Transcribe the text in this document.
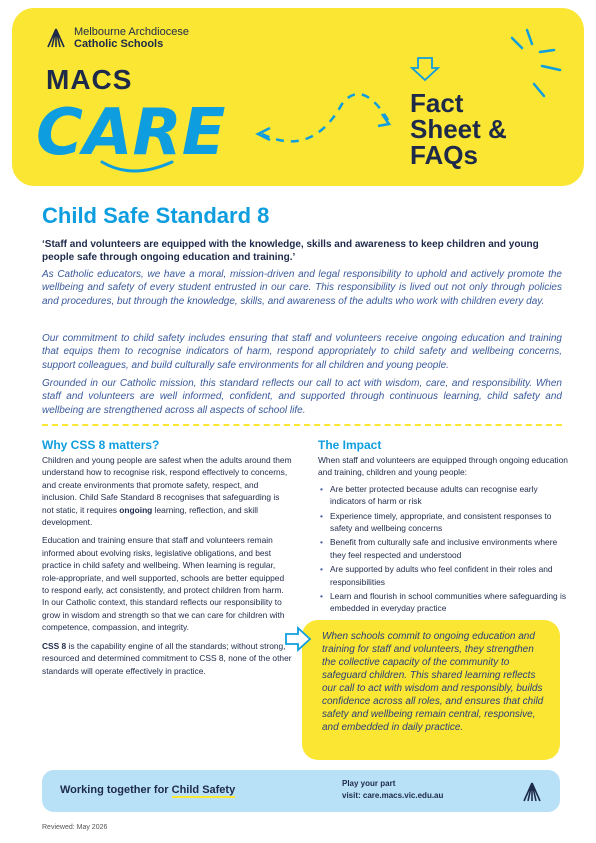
Melbourne Archdiocese
Catholic Schools
MACS
CARE	Fact
Sheet &
FAQs
Child Safe Standard 8
‘Staff and volunteers are equipped with the knowledge, skills and awareness to keep children and young people safe through ongoing education and training.’
As Catholic educators, we have a moral, mission-driven and legal responsibility to uphold and actively promote the wellbeing and safety of every student entrusted in our care. This responsibility is lived out not only through policies and procedures, but through the knowledge, skills, and awareness of the adults who work with children every day.
Our commitment to child safety includes ensuring that staff and volunteers receive ongoing education and training that equips them to recognise indicators of harm, respond appropriately to child safety and wellbeing concerns, support colleagues, and build culturally safe environments for all children and young people.
Grounded in our Catholic mission, this standard reflects our call to act with wisdom, care, and responsibility. When staff and volunteers are well informed, confident, and supported through continuous learning, child safety and wellbeing are strengthened across all aspects of school life.
Why CSS 8 matters?

Children and young people are safest when the adults around them understand how to recognise risk, respond effectively to concerns, and create environments that promote safety, respect, and inclusion. Child Safe Standard 8 recognises that safeguarding is not static, it requires ongoing learning, reflection, and skill development.

Education and training ensure that staff and volunteers remain informed about evolving risks, legislative obligations, and best practice in child safety and wellbeing. When learning is regular, role-appropriate, and well supported, schools are better equipped to respond early, act consistently, and protect children from harm.

In our Catholic context, this standard reflects our responsibility to grow in wisdom and strength so that we can care for children with competence, compassion, and integrity.

CSS 8 is the capability engine of all the standards; without strong, resourced and determined commitment to CSS 8, none of the other standards will operate effectively in practice.

The Impact

When staff and volunteers are equipped through ongoing education and training, children and young people:

• Are better protected because adults can recognise early indicators of harm or risk
• Experience timely, appropriate, and consistent responses to safety and wellbeing concerns
• Benefit from culturally safe and inclusive environments where they feel respected and understood
• Are supported by adults who feel confident in their roles and responsibilities
• Learn and flourish in school communities where safeguarding is embedded in everyday practice

When schools commit to ongoing education and training for staff and volunteers, they strengthen the collective capacity of the community to safeguard children. This shared learning reflects our call to act with wisdom and responsibly, builds confidence across all roles, and ensures that child safety and wellbeing remain central, responsive, and embedded in daily practice.

Working together for Child Safety
Play your part
visit: care.macs.vic.edu.au
Reviewed: May 2026
